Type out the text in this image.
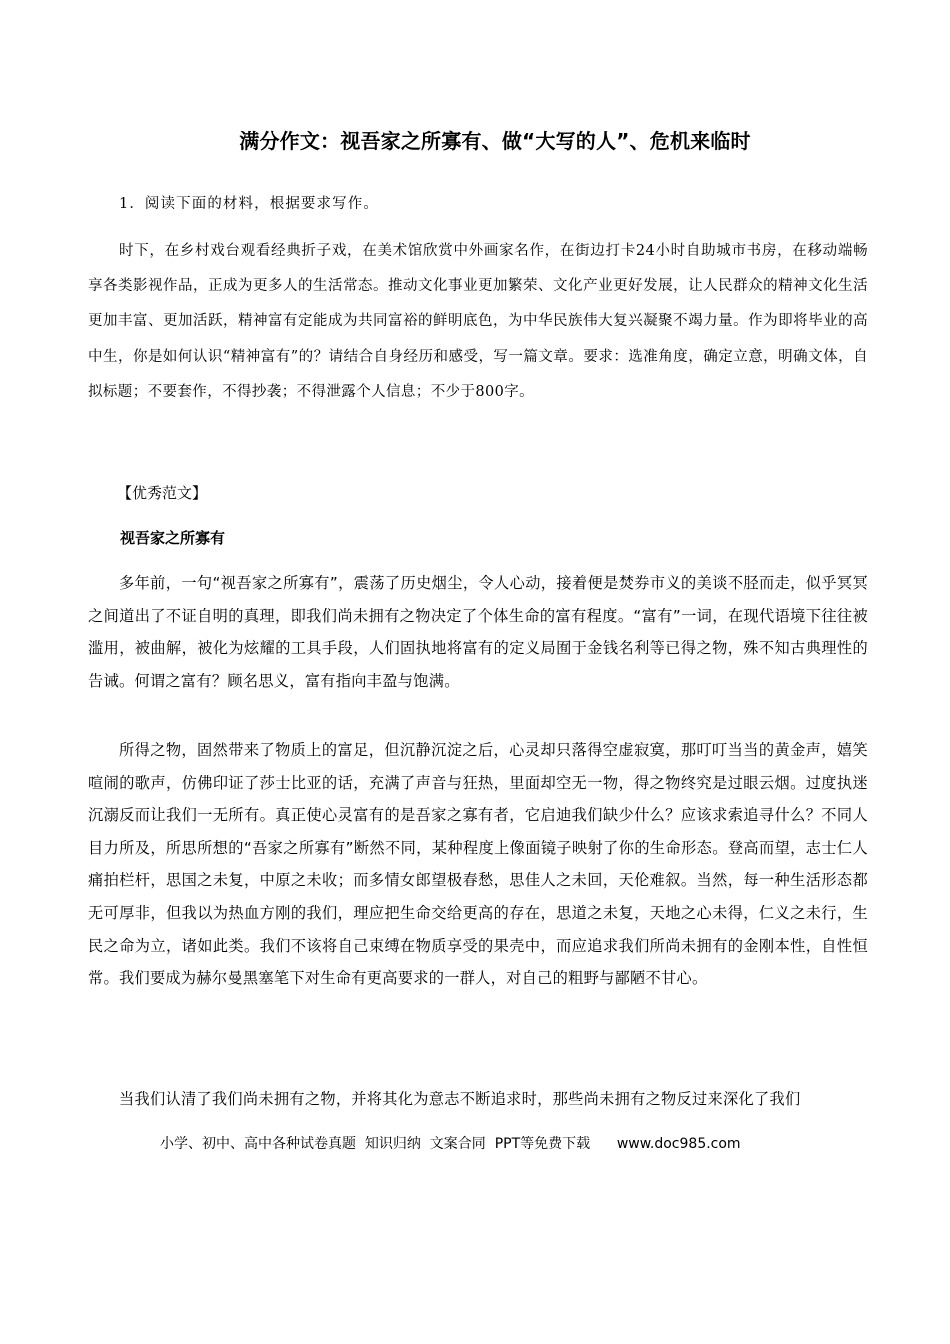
满分作文：视吾家之所寡有、做“大写的人”、危机来临时
1．阅读下面的材料，根据要求写作。
时下，在乡村戏台观看经典折子戏，在美术馆欣赏中外画家名作，在街边打卡24小时自助城市书房，在移动端畅享各类影视作品，正成为更多人的生活常态。推动文化事业更加繁荣、文化产业更好发展，让人民群众的精神文化生活更加丰富、更加活跃，精神富有定能成为共同富裕的鲜明底色，为中华民族伟大复兴凝聚不竭力量。作为即将毕业的高中生，你是如何认识“精神富有”的？请结合自身经历和感受，写一篇文章。要求：选准角度，确定立意，明确文体，自拟标题；不要套作，不得抄袭；不得泄露个人信息；不少于800字。
【优秀范文】
视吾家之所寡有
多年前，一句“视吾家之所寡有”，震荡了历史烟尘，令人心动，接着便是焚券市义的美谈不胫而走，似乎冥冥之间道出了不证自明的真理，即我们尚未拥有之物决定了个体生命的富有程度。“富有”一词，在现代语境下往往被滥用，被曲解，被化为炫耀的工具手段，人们固执地将富有的定义局囿于金钱名利等已得之物，殊不知古典理性的告诫。何谓之富有？顾名思义，富有指向丰盈与饱满。
所得之物，固然带来了物质上的富足，但沉静沉淀之后，心灵却只落得空虚寂寞，那叮叮当当的黄金声，嬉笑喧闹的歌声，仿佛印证了莎士比亚的话，充满了声音与狂热，里面却空无一物，得之物终究是过眼云烟。过度执迷沉溺反而让我们一无所有。真正使心灵富有的是吾家之寡有者，它启迪我们缺少什么？应该求索追寻什么？不同人目力所及，所思所想的“吾家之所寡有”断然不同，某种程度上像面镜子映射了你的生命形态。登高而望，志士仁人痛拍栏杆，思国之未复，中原之未收；而多情女郎望极春愁，思佳人之未回，天伦难叙。当然，每一种生活形态都无可厚非，但我以为热血方刚的我们，理应把生命交给更高的存在，思道之未复，天地之心未得，仁义之未行，生民之命为立，诸如此类。我们不该将自己束缚在物质享受的果壳中，而应追求我们所尚未拥有的金刚本性，自性恒常。我们要成为赫尔曼黑塞笔下对生命有更高要求的一群人，对自己的粗野与鄙陋不甘心。
当我们认清了我们尚未拥有之物，并将其化为意志不断追求时，那些尚未拥有之物反过来深化了我们
小学、初中、高中各种试卷真题  知识归纳  文案合同  PPT等免费下载      www.doc985.com
